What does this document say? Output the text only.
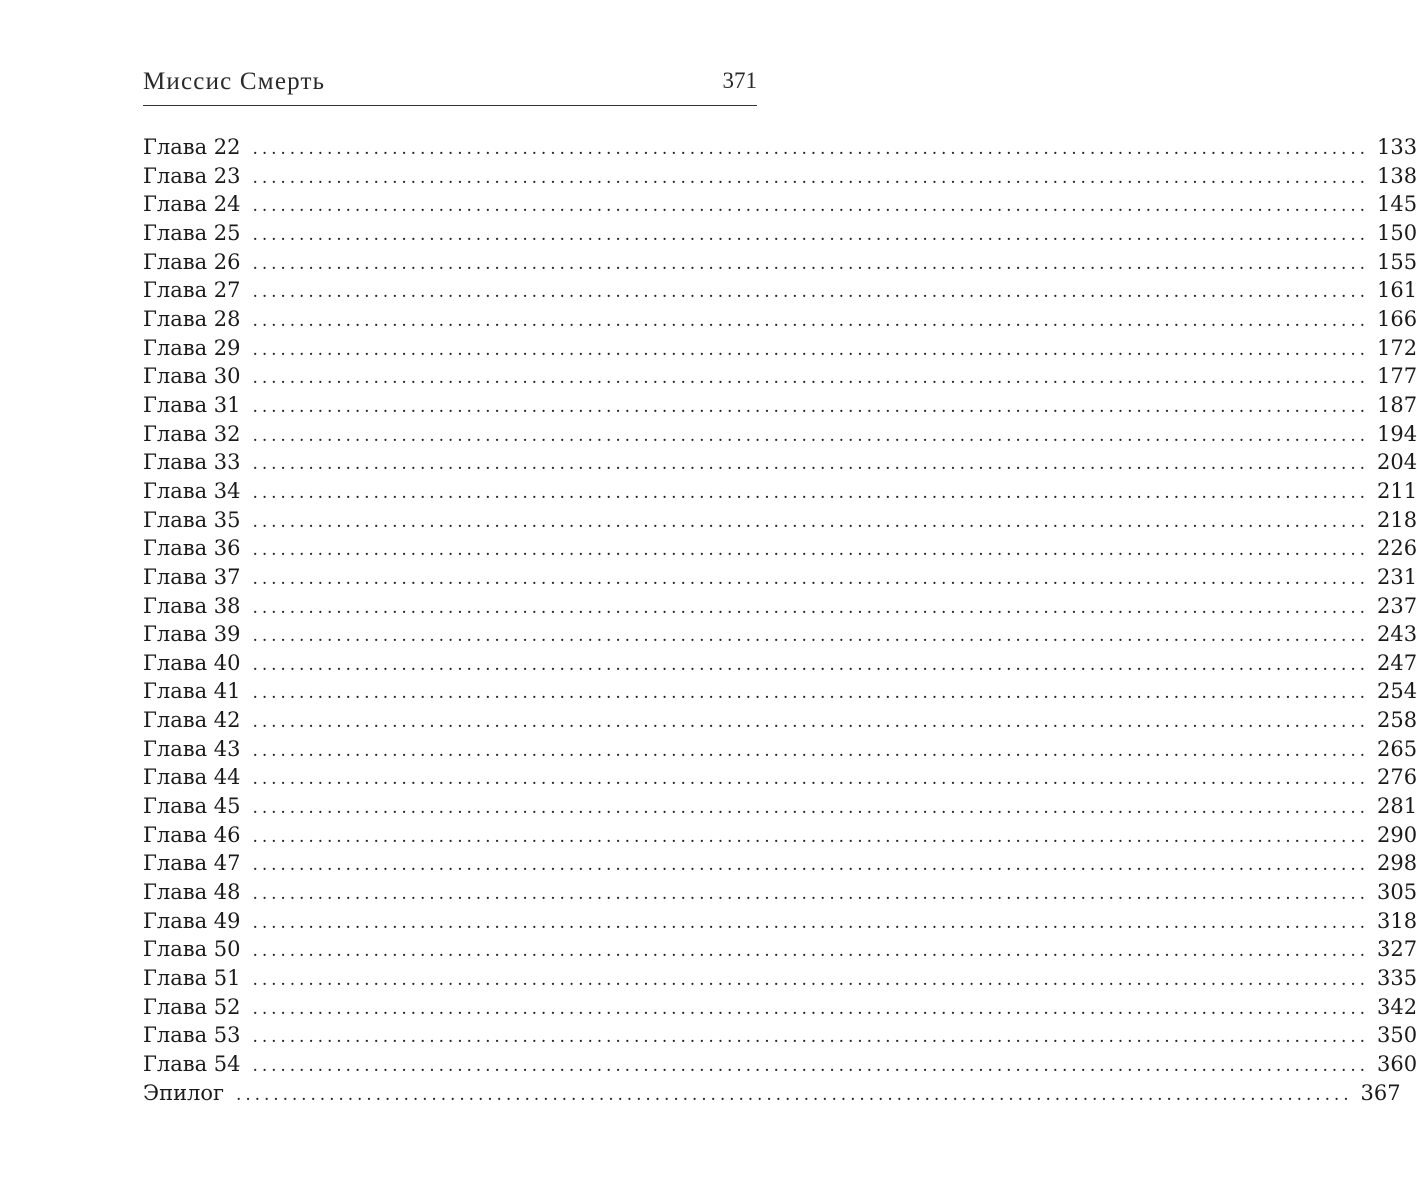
Миссис Смерть	371
Глава 22 ........................................................................................................................ 133
Глава 23 ........................................................................................................................ 138
Глава 24 ........................................................................................................................ 145
Глава 25 ........................................................................................................................ 150
Глава 26 ........................................................................................................................ 155
Глава 27 ........................................................................................................................ 161
Глава 28 ........................................................................................................................ 166
Глава 29 ........................................................................................................................ 172
Глава 30 ........................................................................................................................ 177
Глава 31 ........................................................................................................................ 187
Глава 32 ........................................................................................................................ 194
Глава 33 ........................................................................................................................ 204
Глава 34 ........................................................................................................................ 211
Глава 35 ........................................................................................................................ 218
Глава 36 ........................................................................................................................ 226
Глава 37 ........................................................................................................................ 231
Глава 38 ........................................................................................................................ 237
Глава 39 ........................................................................................................................ 243
Глава 40 ........................................................................................................................ 247
Глава 41 ........................................................................................................................ 254
Глава 42 ........................................................................................................................ 258
Глава 43 ........................................................................................................................ 265
Глава 44 ........................................................................................................................ 276
Глава 45 ........................................................................................................................ 281
Глава 46 ........................................................................................................................ 290
Глава 47 ........................................................................................................................ 298
Глава 48 ........................................................................................................................ 305
Глава 49 ........................................................................................................................ 318
Глава 50 ........................................................................................................................ 327
Глава 51 ........................................................................................................................ 335
Глава 52 ........................................................................................................................ 342
Глава 53 ........................................................................................................................ 350
Глава 54 ........................................................................................................................ 360
Эпилог ........................................................................................................................ 367
